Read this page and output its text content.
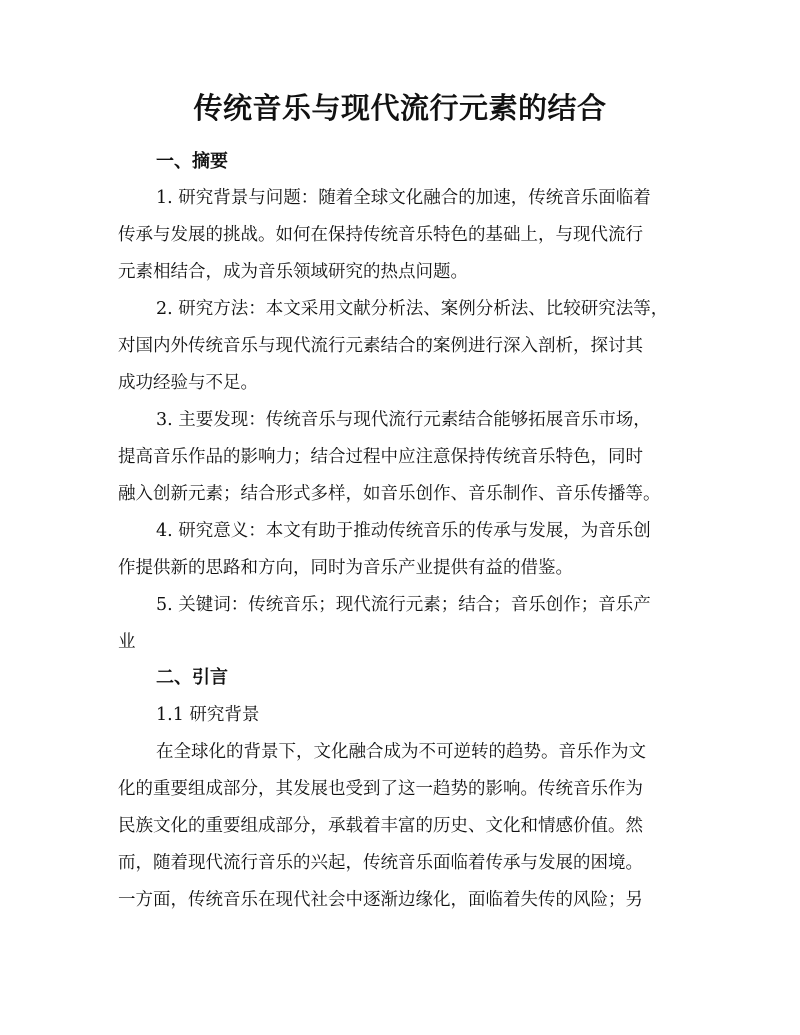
传统音乐与现代流行元素的结合
一、摘要
1. 研究背景与问题：随着全球文化融合的加速，传统音乐面临着
传承与发展的挑战。如何在保持传统音乐特色的基础上，与现代流行
元素相结合，成为音乐领域研究的热点问题。
2. 研究方法：本文采用文献分析法、案例分析法、比较研究法等，
对国内外传统音乐与现代流行元素结合的案例进行深入剖析，探讨其
成功经验与不足。
3. 主要发现：传统音乐与现代流行元素结合能够拓展音乐市场，
提高音乐作品的影响力；结合过程中应注意保持传统音乐特色，同时
融入创新元素；结合形式多样，如音乐创作、音乐制作、音乐传播等。
4. 研究意义：本文有助于推动传统音乐的传承与发展，为音乐创
作提供新的思路和方向，同时为音乐产业提供有益的借鉴。
5. 关键词：传统音乐；现代流行元素；结合；音乐创作；音乐产
业
二、引言
1.1 研究背景
在全球化的背景下，文化融合成为不可逆转的趋势。音乐作为文
化的重要组成部分，其发展也受到了这一趋势的影响。传统音乐作为
民族文化的重要组成部分，承载着丰富的历史、文化和情感价值。然
而，随着现代流行音乐的兴起，传统音乐面临着传承与发展的困境。
一方面，传统音乐在现代社会中逐渐边缘化，面临着失传的风险；另
